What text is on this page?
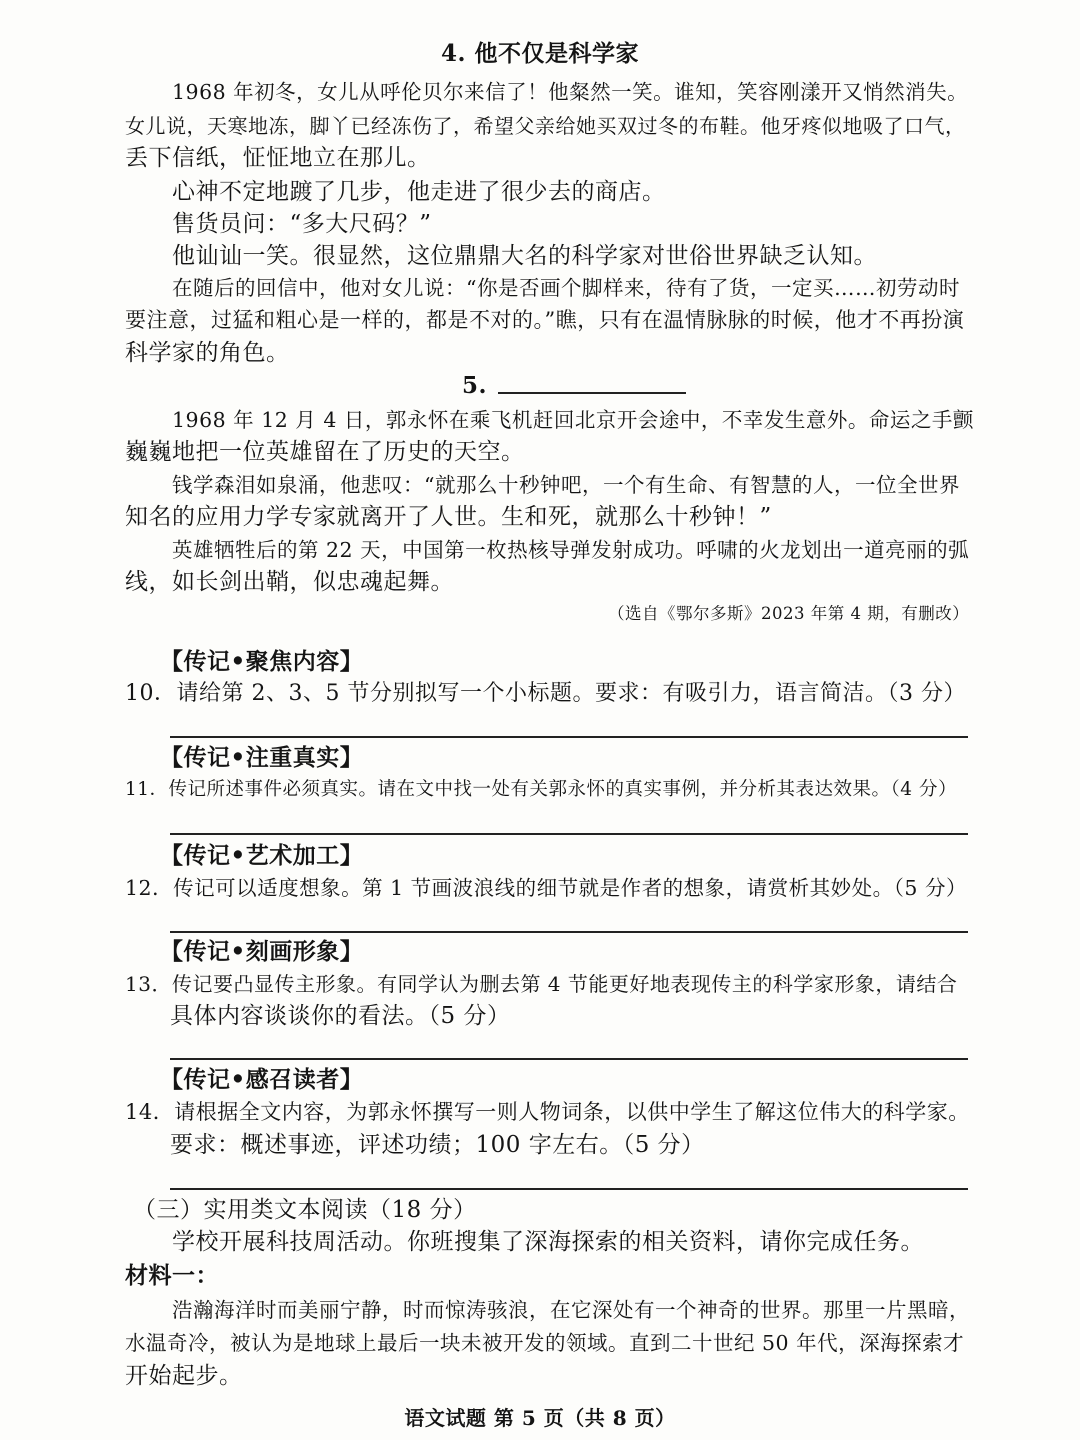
4. 他不仅是科学家
1968 年初冬，女儿从呼伦贝尔来信了！他粲然一笑。谁知，笑容刚漾开又悄然消失。
女儿说，天寒地冻，脚丫已经冻伤了，希望父亲给她买双过冬的布鞋。他牙疼似地吸了口气，
丢下信纸，怔怔地立在那儿。
心神不定地踱了几步，他走进了很少去的商店。
售货员问：“多大尺码？”
他讪讪一笑。很显然，这位鼎鼎大名的科学家对世俗世界缺乏认知。
在随后的回信中，他对女儿说：“你是否画个脚样来，待有了货，一定买……初劳动时
要注意，过猛和粗心是一样的，都是不对的。”瞧，只有在温情脉脉的时候，他才不再扮演
科学家的角色。
5.
1968 年 12 月 4 日，郭永怀在乘飞机赶回北京开会途中，不幸发生意外。命运之手颤
巍巍地把一位英雄留在了历史的天空。
钱学森泪如泉涌，他悲叹：“就那么十秒钟吧，一个有生命、有智慧的人，一位全世界
知名的应用力学专家就离开了人世。生和死，就那么十秒钟！”
英雄牺牲后的第 22 天，中国第一枚热核导弹发射成功。呼啸的火龙划出一道亮丽的弧
线，如长剑出鞘，似忠魂起舞。
（选自《鄂尔多斯》2023 年第 4 期，有删改）
【传记•聚焦内容】
10．请给第 2、3、5 节分别拟写一个小标题。要求：有吸引力，语言简洁。（3 分）
【传记•注重真实】
11．传记所述事件必须真实。请在文中找一处有关郭永怀的真实事例，并分析其表达效果。（4 分）
【传记•艺术加工】
12．传记可以适度想象。第 1 节画波浪线的细节就是作者的想象，请赏析其妙处。（5 分）
【传记•刻画形象】
13．传记要凸显传主形象。有同学认为删去第 4 节能更好地表现传主的科学家形象，请结合
具体内容谈谈你的看法。（5 分）
【传记•感召读者】
14．请根据全文内容，为郭永怀撰写一则人物词条，以供中学生了解这位伟大的科学家。
要求：概述事迹，评述功绩；100 字左右。（5 分）
（三）实用类文本阅读（18 分）
学校开展科技周活动。你班搜集了深海探索的相关资料，请你完成任务。
材料一：
浩瀚海洋时而美丽宁静，时而惊涛骇浪，在它深处有一个神奇的世界。那里一片黑暗，
水温奇冷，被认为是地球上最后一块未被开发的领域。直到二十世纪 50 年代，深海探索才
开始起步。
语文试题 第 5 页（共 8 页）
